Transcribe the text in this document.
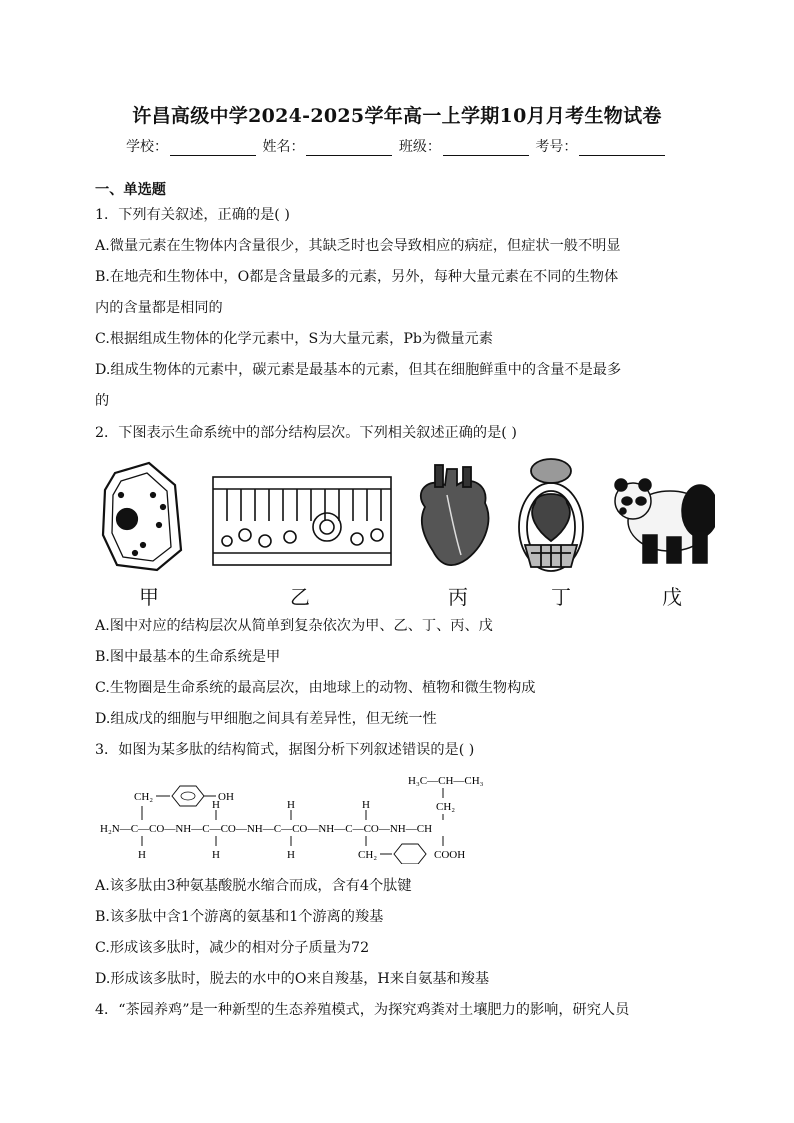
许昌高级中学2024-2025学年高一上学期10月月考生物试卷
学校：	姓名：	班级：	考号：
一、单选题
1．下列有关叙述，正确的是( )
A.微量元素在生物体内含量很少，其缺乏时也会导致相应的病症，但症状一般不明显
B.在地壳和生物体中，O都是含量最多的元素，另外，每种大量元素在不同的生物体
内的含量都是相同的
C.根据组成生物体的化学元素中，S为大量元素，Pb为微量元素
D.组成生物体的元素中，碳元素是最基本的元素，但其在细胞鲜重中的含量不是最多
的
2．下图表示生命系统中的部分结构层次。下列相关叙述正确的是( )
甲	乙	丙	丁	戊
A.图中对应的结构层次从简单到复杂依次为甲、乙、丁、丙、戊
B.图中最基本的生命系统是甲
C.生物圈是生命系统的最高层次，由地球上的动物、植物和微生物构成
D.组成戊的细胞与甲细胞之间具有差异性，但无统一性
3．如图为某多肽的结构简式，据图分析下列叙述错误的是( )
H₂N—C—CO—NH—C—CO—NH—C—CO—NH—C—CO—NH—CH
CH₂	OH
H
H
H
H
H
H
CH₂
H₃C—CH—CH₃
CH₂
COOH
A.该多肽由3种氨基酸脱水缩合而成，含有4个肽键
B.该多肽中含1个游离的氨基和1个游离的羧基
C.形成该多肽时，减少的相对分子质量为72
D.形成该多肽时，脱去的水中的O来自羧基，H来自氨基和羧基
4．“茶园养鸡”是一种新型的生态养殖模式，为探究鸡粪对土壤肥力的影响，研究人员
